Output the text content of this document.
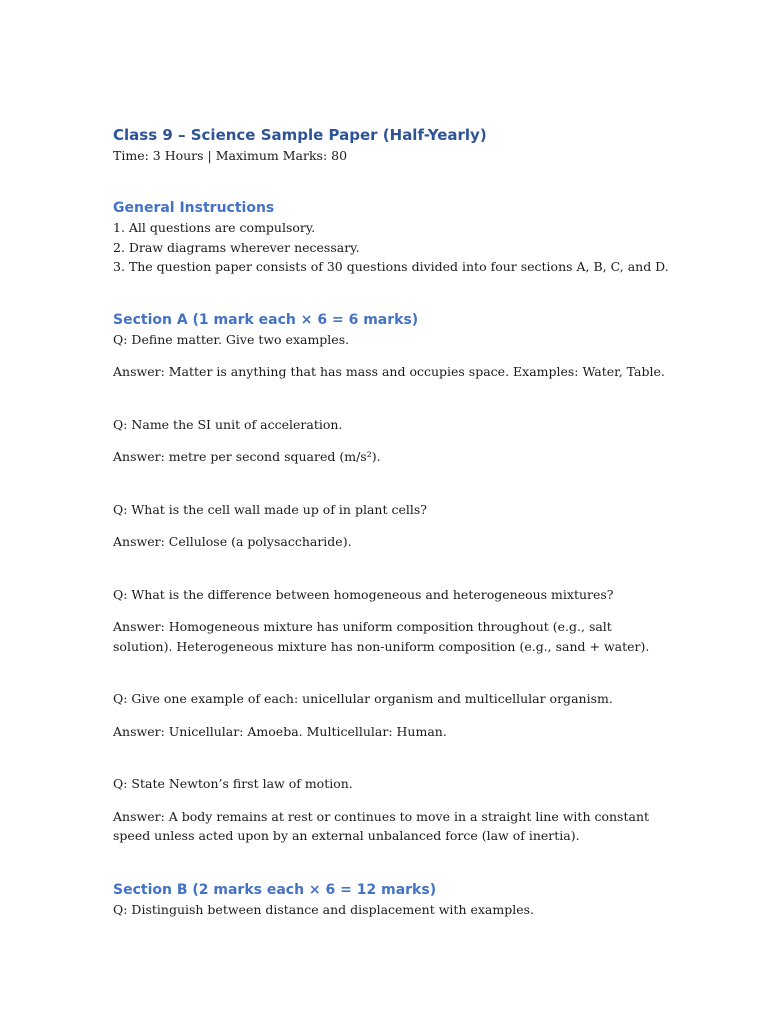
Class 9 – Science Sample Paper (Half-Yearly)

Time: 3 Hours | Maximum Marks: 80

General Instructions
1. All questions are compulsory.
2. Draw diagrams wherever necessary.
3. The question paper consists of 30 questions divided into four sections A, B, C, and D.
Section A (1 mark each × 6 = 6 marks)

Q: Define matter. Give two examples.

Answer: Matter is anything that has mass and occupies space. Examples: Water, Table.

Q: Name the SI unit of acceleration.

Answer: metre per second squared (m/s²).

Q: What is the cell wall made up of in plant cells?

Answer: Cellulose (a polysaccharide).

Q: What is the difference between homogeneous and heterogeneous mixtures?

Answer: Homogeneous mixture has uniform composition throughout (e.g., salt solution). Heterogeneous mixture has non-uniform composition (e.g., sand + water).

Q: Give one example of each: unicellular organism and multicellular organism.

Answer: Unicellular: Amoeba. Multicellular: Human.

Q: State Newton’s first law of motion.

Answer: A body remains at rest or continues to move in a straight line with constant speed unless acted upon by an external unbalanced force (law of inertia).

Section B (2 marks each × 6 = 12 marks)

Q: Distinguish between distance and displacement with examples.
